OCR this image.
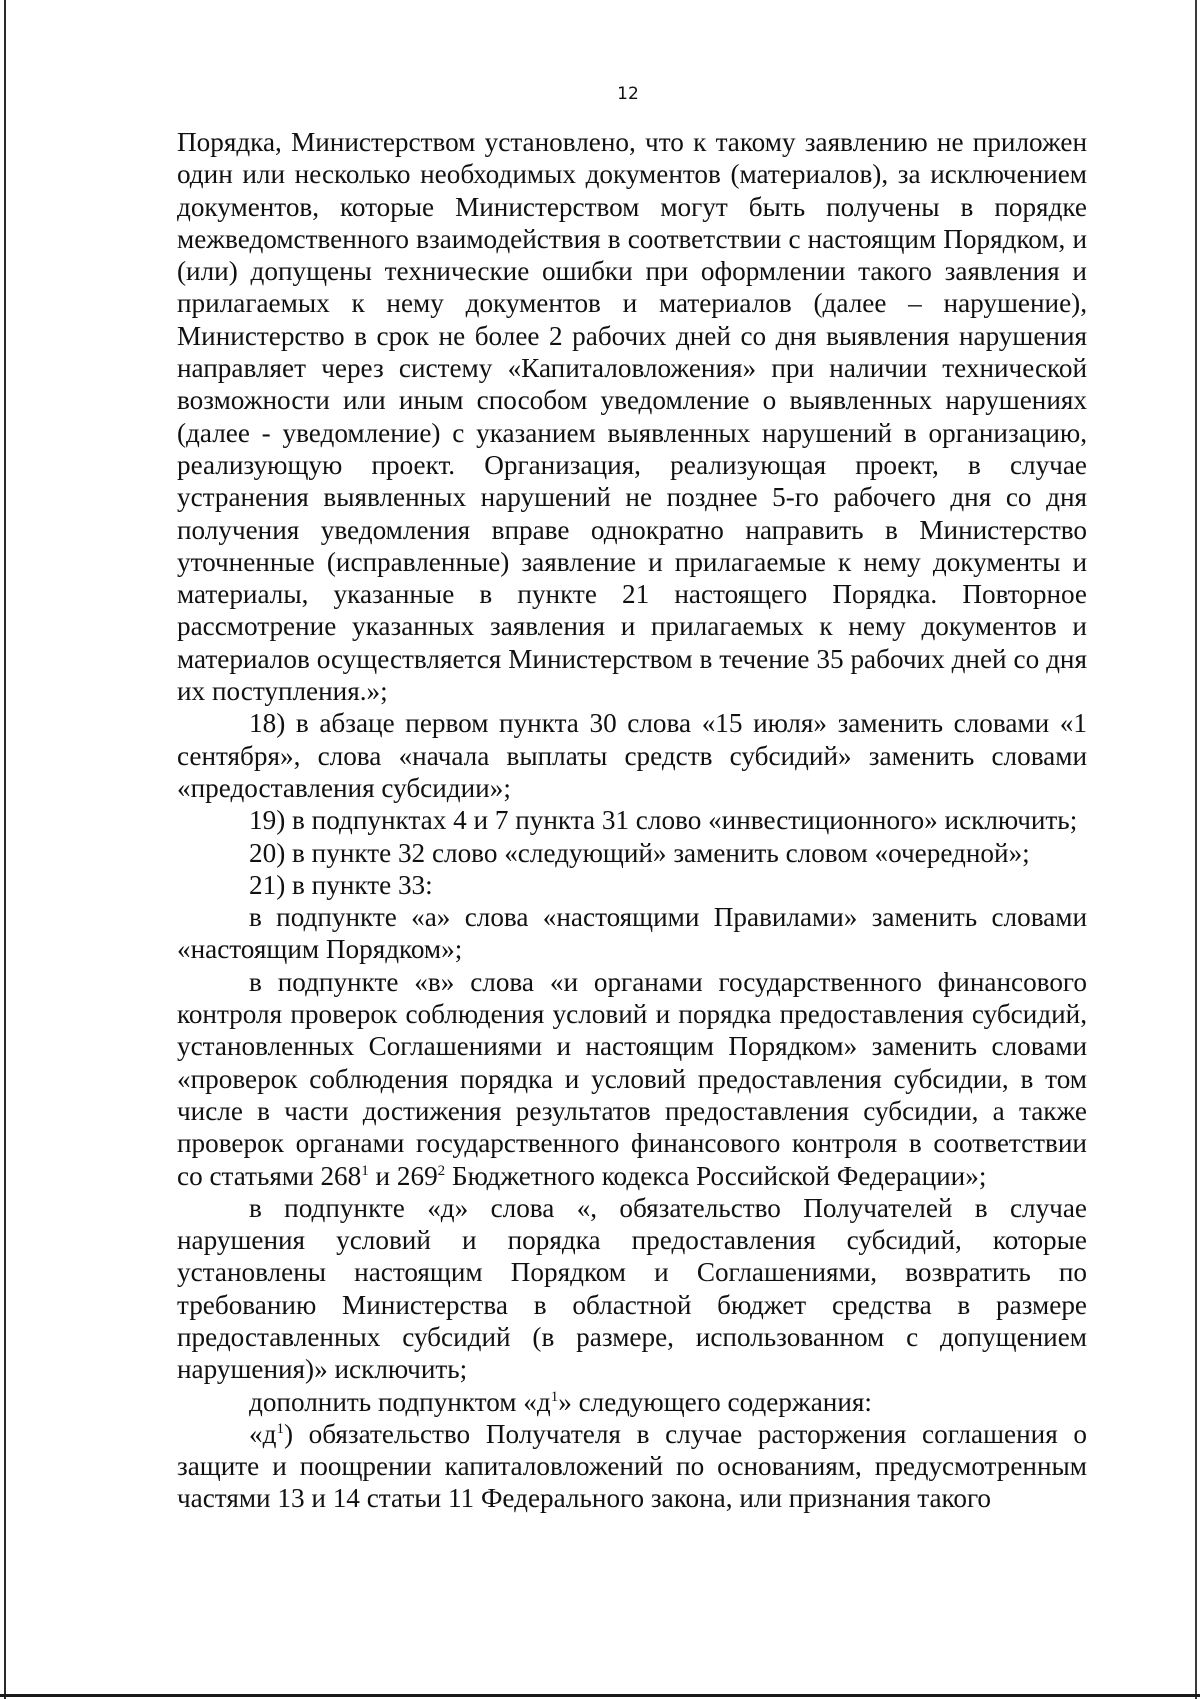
12

Порядка, Министерством установлено, что к такому заявлению не приложен один или несколько необходимых документов (материалов), за исключением документов, которые Министерством могут быть получены в порядке межведомственного взаимодействия в соответствии с настоящим Порядком, и (или) допущены технические ошибки при оформлении такого заявления и прилагаемых к нему документов и материалов (далее – нарушение), Министерство в срок не более 2 рабочих дней со дня выявления нарушения направляет через систему «Капиталовложения» при наличии технической возможности или иным способом уведомление о выявленных нарушениях (далее - уведомление) с указанием выявленных нарушений в организацию, реализующую проект. Организация, реализующая проект, в случае устранения выявленных нарушений не позднее 5-го рабочего дня со дня получения уведомления вправе однократно направить в Министерство уточненные (исправленные) заявление и прилагаемые к нему документы и материалы, указанные в пункте 21 настоящего Порядка. Повторное рассмотрение указанных заявления и прилагаемых к нему документов и материалов осуществляется Министерством в течение 35 рабочих дней со дня их поступления.»;

18) в абзаце первом пункта 30 слова «15 июля» заменить словами «1 сентября», слова «начала выплаты средств субсидий» заменить словами «предоставления субсидии»;

19) в подпунктах 4 и 7 пункта 31 слово «инвестиционного» исключить;

20) в пункте 32 слово «следующий» заменить словом «очередной»;

21) в пункте 33:

в подпункте «а» слова «настоящими Правилами» заменить словами «настоящим Порядком»;

в подпункте «в» слова «и органами государственного финансового контроля проверок соблюдения условий и порядка предоставления субсидий, установленных Соглашениями и настоящим Порядком» заменить словами «проверок соблюдения порядка и условий предоставления субсидии, в том числе в части достижения результатов предоставления субсидии, а также проверок органами государственного финансового контроля в соответствии со статьями $268^1$ и $269^2$ Бюджетного кодекса Российской Федерации»;

в подпункте «д» слова «, обязательство Получателей в случае нарушения условий и порядка предоставления субсидий, которые установлены настоящим Порядком и Соглашениями, возвратить по требованию Министерства в областной бюджет средства в размере предоставленных субсидий (в размере, использованном с допущением нарушения)» исключить;

дополнить подпунктом «$д^1$» следующего содержания:

«$д^1$) обязательство Получателя в случае расторжения соглашения о защите и поощрении капиталовложений по основаниям, предусмотренным частями 13 и 14 статьи 11 Федерального закона, или признания такого
